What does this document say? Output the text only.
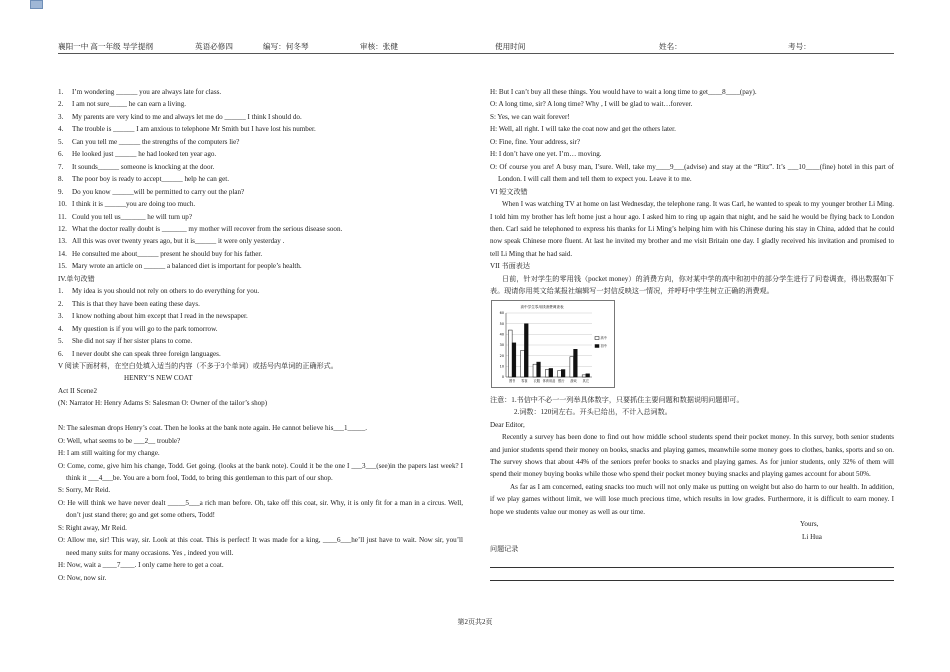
襄阳一中 高一年级 导学提纲	英语必修四	编写：何冬琴	审核：张健	使用时间	姓名：	考号：
1. I’m wondering ______ you are always late for class.
2. I am not sure_____ he can earn a living.
3. My parents are very kind to me and always let me do ______ I think I should do.
4. The trouble is ______ I am anxious to telephone Mr Smith but I have lost his number.
5. Can you tell me ______ the strengths of the computers lie?
6. He looked just ______ he had looked ten year ago.
7. It sounds______ someone is knocking at the door.
8. The poor boy is ready to accept______ help he can get.
9. Do you know ______will be permitted to carry out the plan?
10. I think it is ______you are doing too much.
11. Could you tell us_______ he will turn up?
12. What the doctor really doubt is _______ my mother will recover from the serious disease soon.
13. All this was over twenty years ago, but it is______ it were only yesterday .
14. He consulted me about______ present he should buy for his father.
15. Mary wrote an article on ______ a balanced diet is important for people’s health.
IV.单句改错
1. My idea is you should not rely on others to do everything for you.
2. This is that they have been eating these days.
3. I know nothing about him except that I read in the newspaper.
4. My question is if you will go to the park tomorrow.
5. She did not say if her sister plans to come.
6. I never doubt she can speak three foreign languages.
V 阅读下面材料，在空白处填入适当的内容（不多于3个单词）或括号内单词的正确形式。
HENRY’S NEW COAT
Act II Scene2
(N: Narrator H: Henry Adams S: Salesman O: Owner of the tailor’s shop)
N: The salesman drops Henry’s coat. Then he looks at the bank note again. He cannot believe his___1_____.
O: Well, what seems to be ___2__ trouble?
H: I am still waiting for my change.
O: Come, come, give him his change, Todd. Get going. (looks at the bank note). Could it be the one I ___3___(see)in the papers last week? I think it ___4___be. You are a born fool, Todd, to bring this gentleman to this part of our shop.
S: Sorry, Mr Reid.
O: He will think we have never dealt _____5___a rich man before. Oh, take off this coat, sir. Why, it is only fit for a man in a circus. Well, don’t just stand there; go and get some others, Todd!
S: Right away, Mr Reid.
O: Allow me, sir! This way, sir. Look at this coat. This is perfect! It was made for a king, ____6___he’ll just have to wait. Now sir, you’ll need many suits for many occasions. Yes , indeed you will.
H: Now, wait a ____7____. I only came here to get a coat.
O: Now, now sir.
H: But I can’t buy all these things. You would have to wait a long time to get____8____(pay).
O: A long time, sir? A long time? Why , I will be glad to wait…forever.
S: Yes, we can wait forever!
H: Well, all right. I will take the coat now and get the others later.
O: Fine, fine. Your address, sir?
H: I don’t have one yet. I’m… moving.
O: Of course you are! A busy man, I’sure. Well, take my____9___(advise) and stay at the “Ritz”. It’s ___10____(fine) hotel in this part of London. I will call them and tell them to expect you. Leave it to me.
VI 短文改错
When I was watching TV at home on last Wednesday, the telephone rang. It was Carl, he wanted to speak to my younger brother Li Ming. I told him my brother has left home just a hour ago. I asked him to ring up again that night, and he said he would be flying back to London then. Carl said he telephoned to express his thanks for Li Ming’s helping him with his Chinese during his stay in China, added that he could now speak Chinese more fluent. At last he invited my brother and me visit Britain one day. I gladly received his invitation and promised to tell Li Ming that he had said.
VII 书面表达
日前，针对学生的零用钱（pocket money）的消费方向，你对某中学的高中和初中的部分学生进行了问卷调查，得出数据如下表。现请你用英文给某报社编辑写一封信反映这一情况，并呼吁中学生树立正确的消费观。
高中学生零用钱消费调查表
0
10
20
30
40
50
60
图书 零食 衣服 体育用品 银行 游戏 其它
高中
初中
注意：1.书信中不必一一列举具体数字，只要抓住主要问题和数据说明问题即可。
2.词数：120词左右。开头已给出，不计入总词数。
Dear Editor,
Recently a survey has been done to find out how middle school students spend their pocket money. In this survey, both senior students and junior students spend their money on books, snacks and playing games, meanwhile some money goes to clothes, banks, sports and so on. The survey shows that about 44% of the seniors prefer books to snacks and playing games. As for junior students, only 32% of them will spend their money buying books while those who spend their pocket money buying snacks and playing games account for about 50%.
As far as I am concerned, eating snacks too much will not only make us putting on weight but also do harm to our health. In addition, if we play games without limit, we will lose much precious time, which results in low grades. Furthermore, it is difficult to earn money. I hope we students value our money as well as our time.
Yours,
Li Hua
问题记录
第2页共2页
